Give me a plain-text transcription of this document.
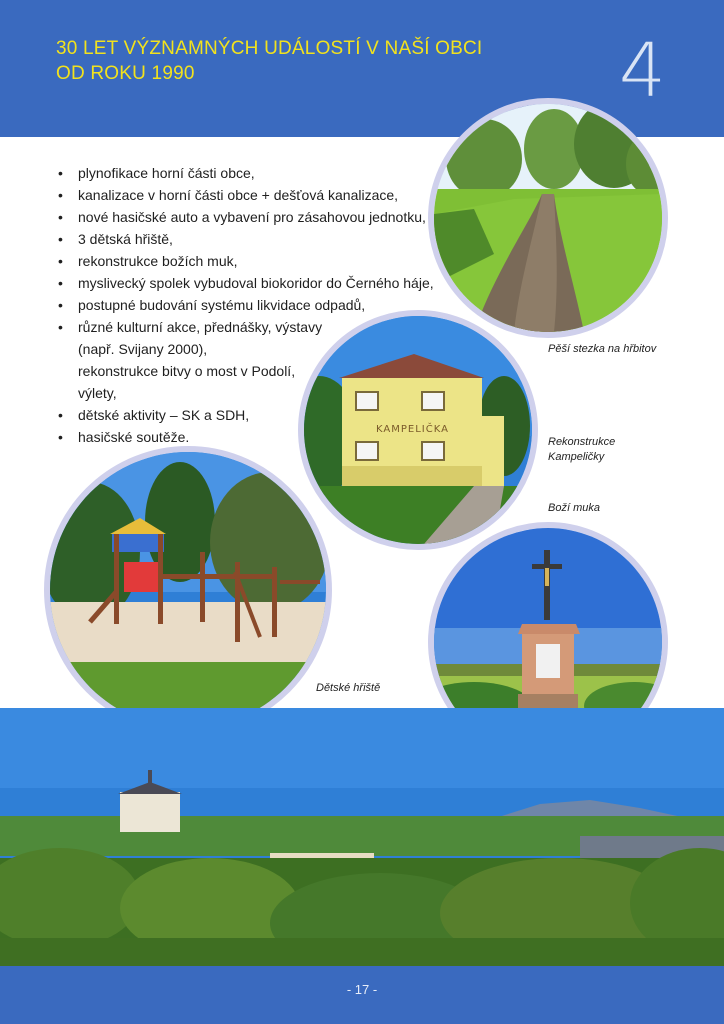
30 LET VÝZNAMNÝCH UDÁLOSTÍ V NAŠÍ OBCI
OD ROKU 1990	4
• plynofikace horní části obce,
• kanalizace v horní části obce + dešťová kanalizace,
• nové hasičské auto a vybavení pro zásahovou jednotku,
• 3 dětská hřiště,
• rekonstrukce božích muk,
• myslivecký spolek vybudoval biokoridor do Černého háje,
• postupné budování systému likvidace odpadů,
• různé kulturní akce, přednášky, výstavy
(např. Svijany 2000),
rekonstrukce bitvy o most v Podolí,
výlety,
• dětské aktivity – SK a SDH,
• hasičské soutěže.
Pěší stezka na hřbitov
KAMPELIČKA
Rekonstrukce
Kampeličky
Boží muka
Dětské hřiště
- 17 -
